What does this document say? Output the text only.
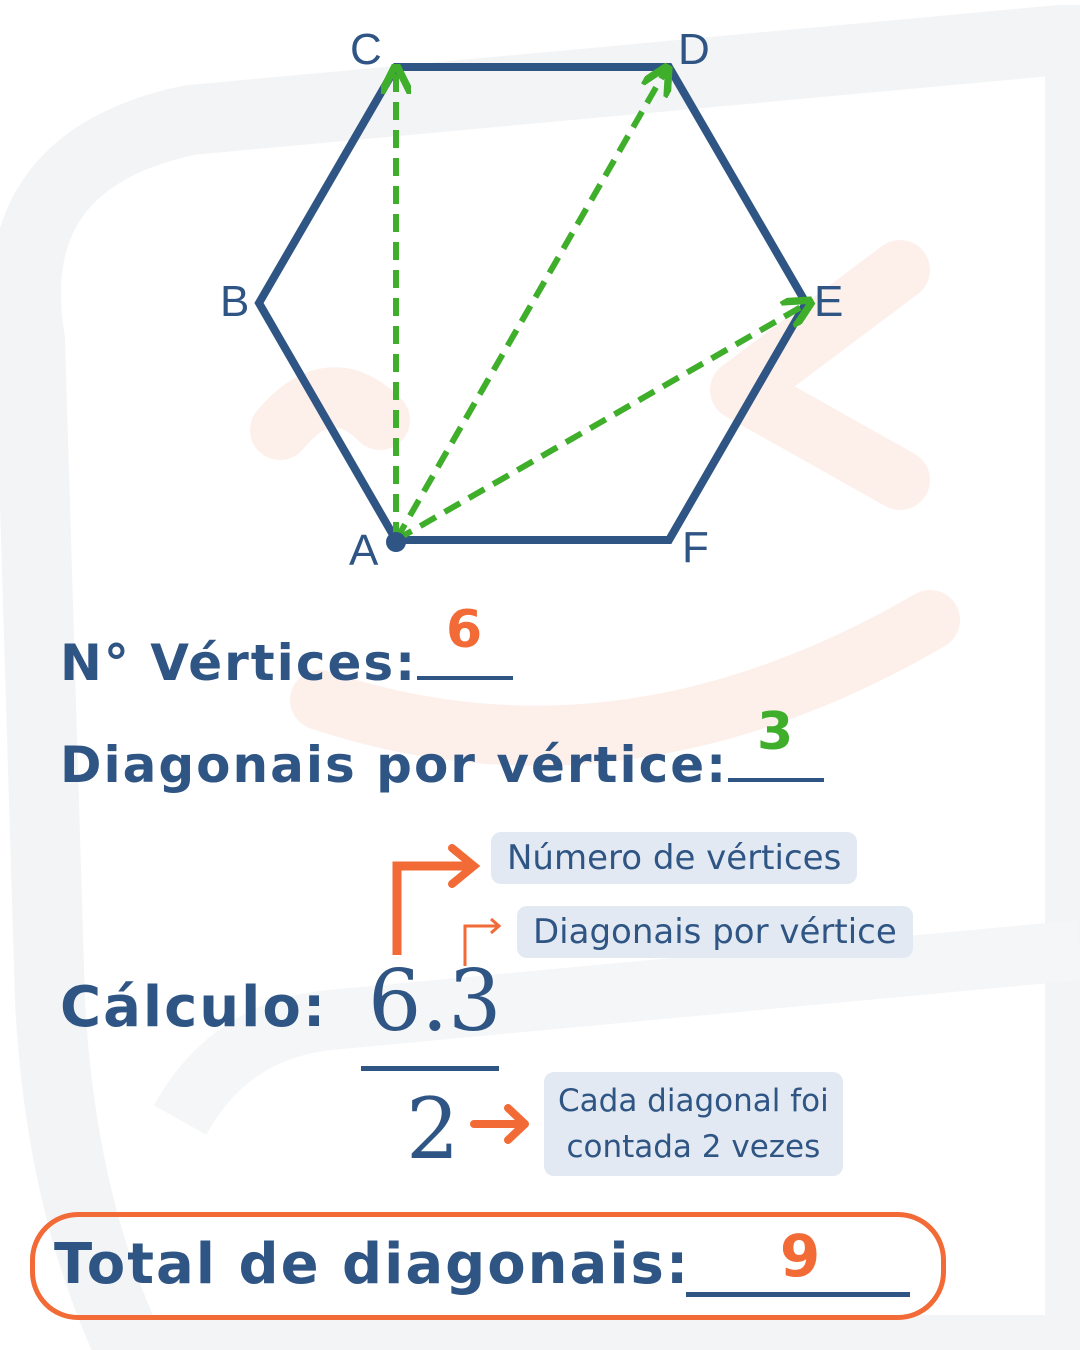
A
B
C	D
E
F
N° Vértices:
6
Diagonais por vértice:
3
Número de vértices
Diagonais por vértice
Cada diagonal foi
contada 2 vezes
Cálculo: 6.3
2
Total de diagonais:	9
